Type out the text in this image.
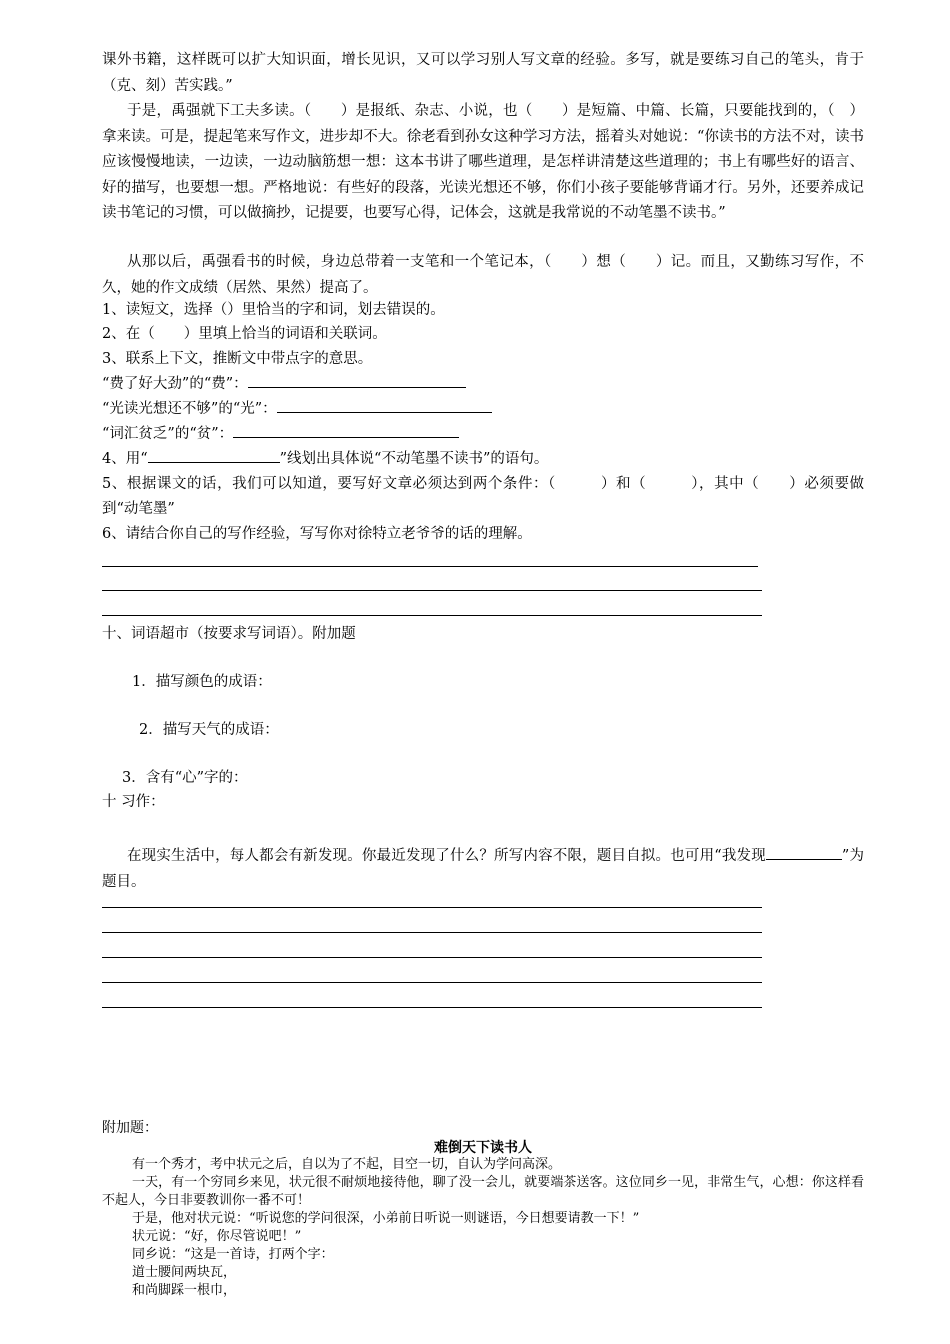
课外书籍，这样既可以扩大知识面，增长见识，又可以学习别人写文章的经验。多写，就是要练习自己的笔头，肯于（克、刻）苦实践。”

于是，禹强就下工夫多读。（　　）是报纸、杂志、小说，也（　　）是短篇、中篇、长篇，只要能找到的，（　）拿来读。可是，提起笔来写作文，进步却不大。徐老看到孙女这种学习方法，摇着头对她说：“你读书的方法不对，读书应该慢慢地读，一边读，一边动脑筋想一想：这本书讲了哪些道理，是怎样讲清楚这些道理的；书上有哪些好的语言、好的描写，也要想一想。严格地说：有些好的段落，光读光想还不够，你们小孩子要能够背诵才行。另外，还要养成记读书笔记的习惯，可以做摘抄，记提要，也要写心得，记体会，这就是我常说的不动笔墨不读书。”

从那以后，禹强看书的时候，身边总带着一支笔和一个笔记本，（　　）想（　　）记。而且，又勤练习写作，不久，她的作文成绩（居然、果然）提高了。

1、读短文，选择（）里恰当的字和词，划去错误的。

2、在（　　）里填上恰当的词语和关联词。

3、联系上下文，推断文中带点字的意思。

“费了好大劲”的“费”：
“光读光想还不够”的“光”：
“词汇贫乏”的“贫”：
4、用“	”线划出具体说“不动笔墨不读书”的语句。

5、根据课文的话，我们可以知道，要写好文章必须达到两个条件：（　　　）和（　　　），其中（　　）必须要做到“动笔墨”

6、请结合你自己的写作经验，写写你对徐特立老爷爷的话的理解。

十、词语超市（按要求写词语）。附加题

1．描写颜色的成语：

2．描写天气的成语：

3．含有“心”字的：

十 习作：

在现实生活中，每人都会有新发现。你最近发现了什么？所写内容不限，题目自拟。也可用“我发现	”为题目。

附加题：

难倒天下读书人

有一个秀才，考中状元之后，自以为了不起，目空一切，自认为学问高深。

一天，有一个穷同乡来见，状元很不耐烦地接待他，聊了没一会儿，就要端茶送客。这位同乡一见，非常生气，心想：你这样看不起人，今日非要教训你一番不可！

于是，他对状元说：“听说您的学问很深，小弟前日听说一则谜语，今日想要请教一下！”

状元说：“好，你尽管说吧！”

同乡说：“这是一首诗，打两个字：

道士腰间两块瓦，

和尚脚踩一根巾，
